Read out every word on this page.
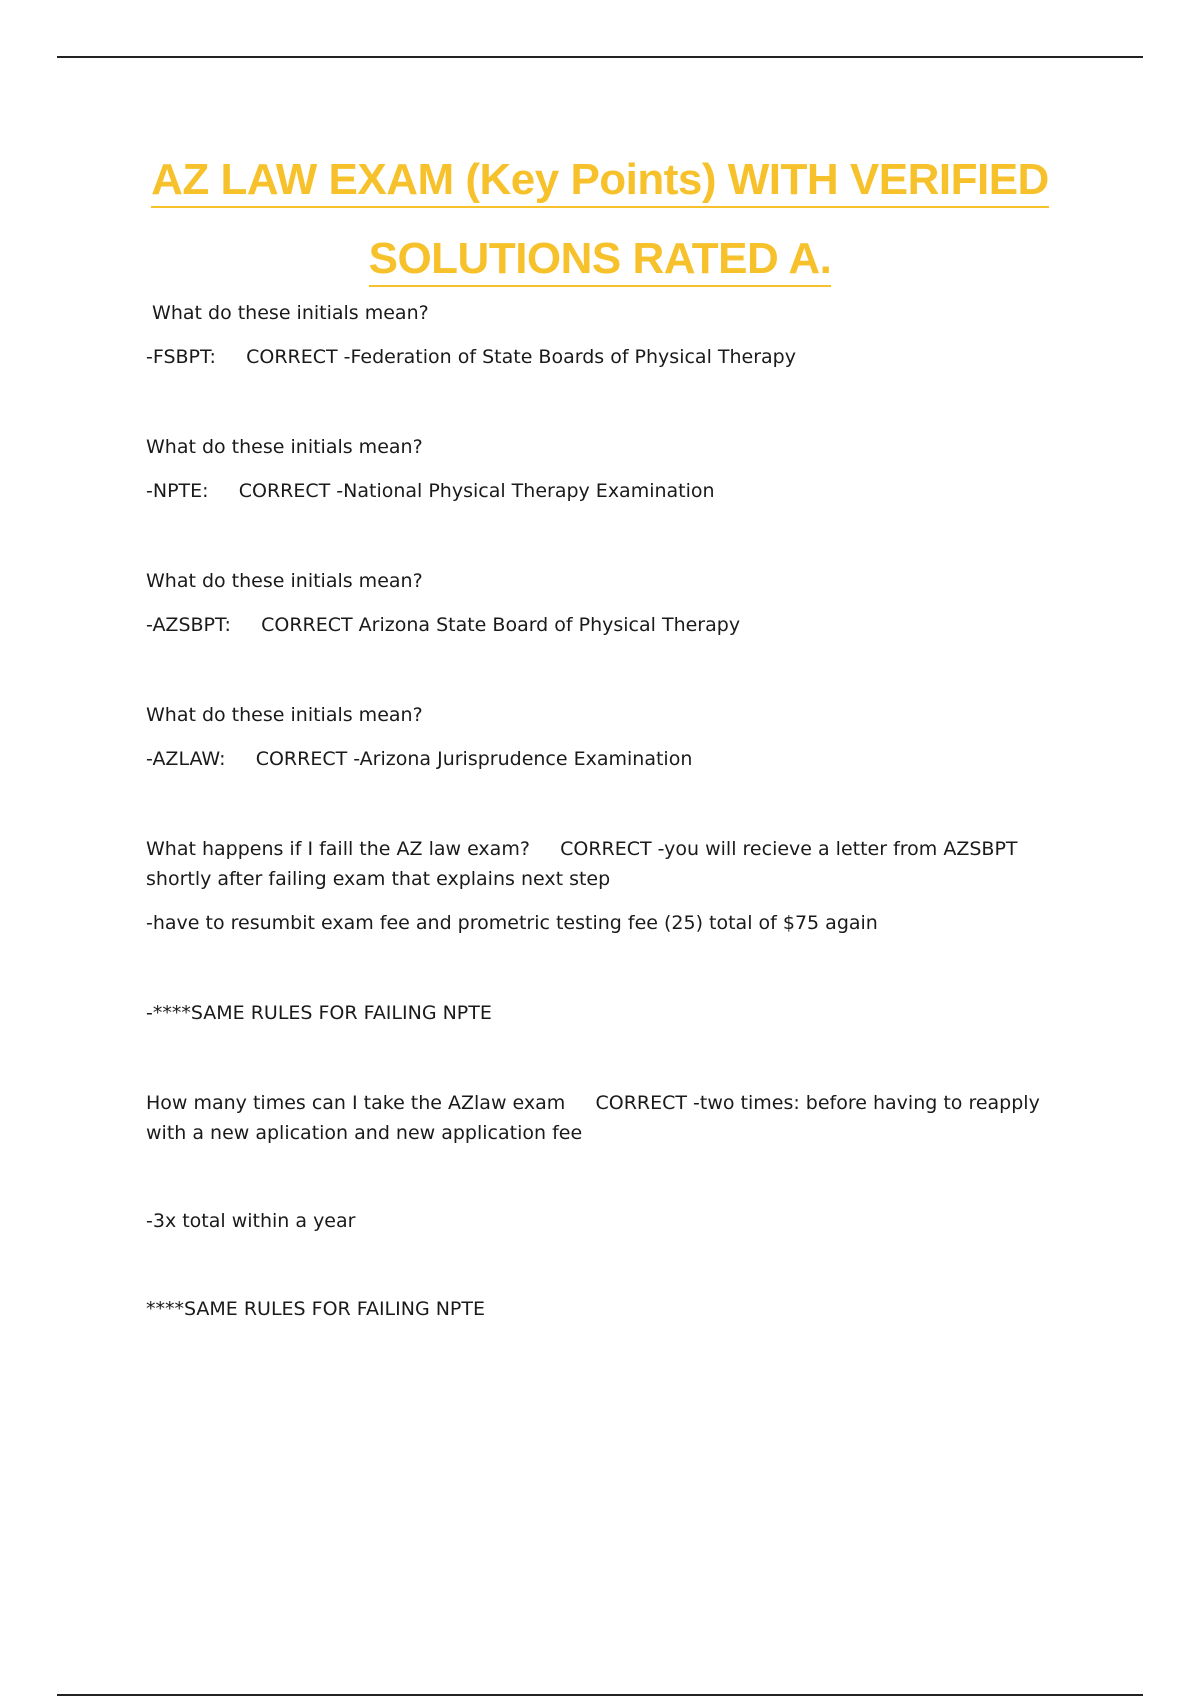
AZ LAW EXAM (Key Points) WITH VERIFIED
SOLUTIONS RATED A.

What do these initials mean?

-FSBPT:     CORRECT -Federation of State Boards of Physical Therapy

What do these initials mean?

-NPTE:     CORRECT -National Physical Therapy Examination

What do these initials mean?

-AZSBPT:     CORRECT Arizona State Board of Physical Therapy

What do these initials mean?

-AZLAW:     CORRECT -Arizona Jurisprudence Examination

What happens if I faill the AZ law exam?     CORRECT -you will recieve a letter from AZSBPT shortly after failing exam that explains next step

-have to resumbit exam fee and prometric testing fee (25) total of $75 again

-****SAME RULES FOR FAILING NPTE

How many times can I take the AZlaw exam     CORRECT -two times: before having to reapply with a new aplication and new application fee

-3x total within a year

****SAME RULES FOR FAILING NPTE
